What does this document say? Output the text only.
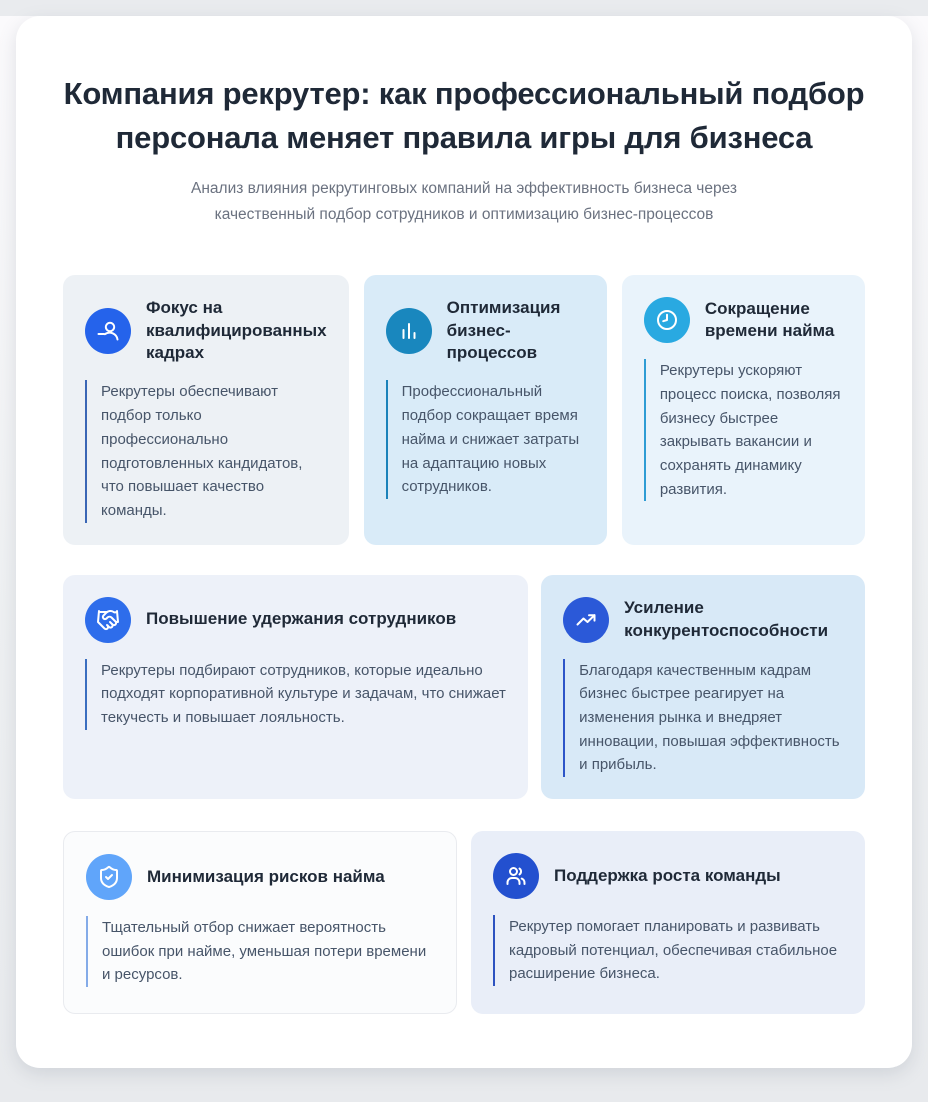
Компания рекрутер: как профессиональный подбор персонала меняет правила игры для бизнеса

Анализ влияния рекрутинговых компаний на эффективность бизнеса через качественный подбор сотрудников и оптимизацию бизнес-процессов

Фокус на квалифицированных кадрах

Рекрутеры обеспечивают подбор только профессионально подготовленных кандидатов, что повышает качество команды.

Оптимизация бизнес-процессов

Профессиональный подбор сокращает время найма и снижает затраты на адаптацию новых сотрудников.

Сокращение времени найма

Рекрутеры ускоряют процесс поиска, позволяя бизнесу быстрее закрывать вакансии и сохранять динамику развития.

Повышение удержания сотрудников

Рекрутеры подбирают сотрудников, которые идеально подходят корпоративной культуре и задачам, что снижает текучесть и повышает лояльность.

Усиление конкурентоспособности

Благодаря качественным кадрам бизнес быстрее реагирует на изменения рынка и внедряет инновации, повышая эффективность и прибыль.

Минимизация рисков найма

Тщательный отбор снижает вероятность ошибок при найме, уменьшая потери времени и ресурсов.

Поддержка роста команды

Рекрутер помогает планировать и развивать кадровый потенциал, обеспечивая стабильное расширение бизнеса.
